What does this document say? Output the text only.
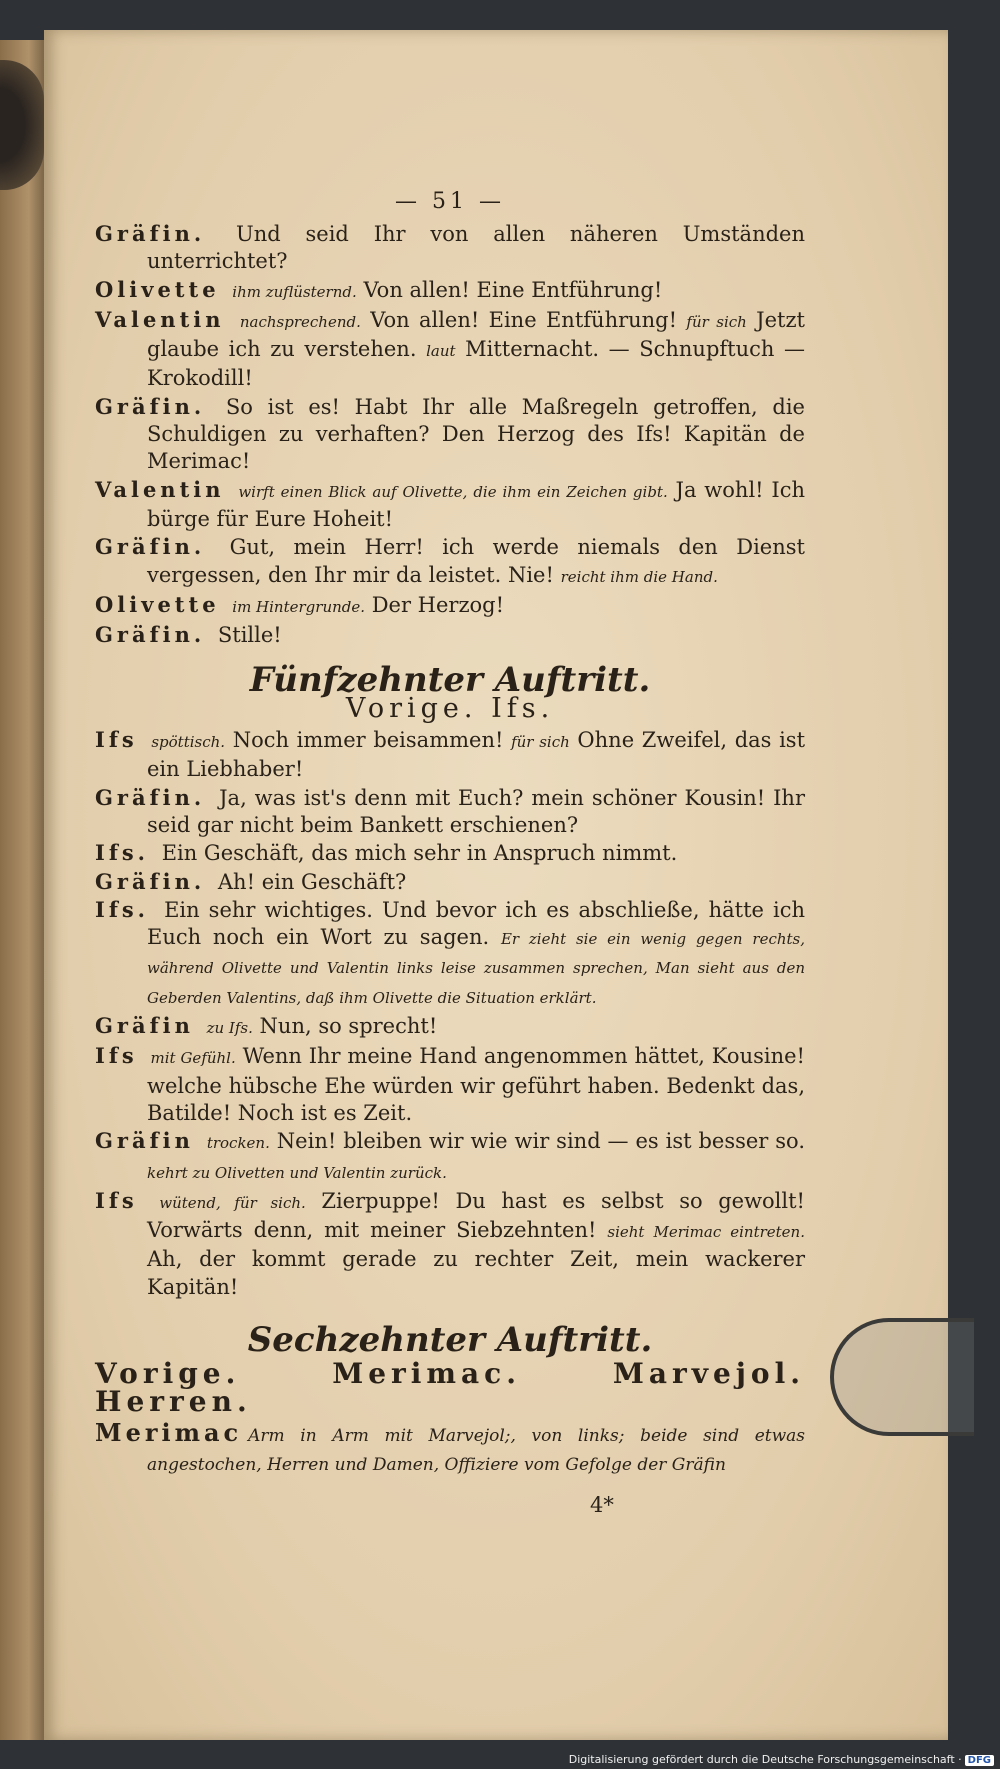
— 51 —

Gräfin. Und seid Ihr von allen näheren Umständen unterrichtet?

Olivette ihm zuflüsternd. Von allen! Eine Entführung!

Valentin nachsprechend. Von allen! Eine Entführung! für sich Jetzt glaube ich zu verstehen. laut Mitternacht. — Schnupftuch — Krokodill!

Gräfin. So ist es! Habt Ihr alle Maßregeln getroffen, die Schuldigen zu verhaften? Den Herzog des Ifs! Kapitän de Merimac!

Valentin wirft einen Blick auf Olivette, die ihm ein Zeichen gibt. Ja wohl! Ich bürge für Eure Hoheit!

Gräfin. Gut, mein Herr! ich werde niemals den Dienst vergessen, den Ihr mir da leistet. Nie! reicht ihm die Hand.

Olivette im Hintergrunde. Der Herzog!

Gräfin. Stille!

Fünfzehnter Auftritt.

Vorige. Ifs.

Ifs spöttisch. Noch immer beisammen! für sich Ohne Zweifel, das ist ein Liebhaber!

Gräfin. Ja, was ist's denn mit Euch? mein schöner Kousin! Ihr seid gar nicht beim Bankett erschienen?

Ifs. Ein Geschäft, das mich sehr in Anspruch nimmt.

Gräfin. Ah! ein Geschäft?

Ifs. Ein sehr wichtiges. Und bevor ich es abschließe, hätte ich Euch noch ein Wort zu sagen. Er zieht sie ein wenig gegen rechts, während Olivette und Valentin links leise zusammen sprechen, Man sieht aus den Geberden Valentins, daß ihm Olivette die Situation erklärt.

Gräfin zu Ifs. Nun, so sprecht!

Ifs mit Gefühl. Wenn Ihr meine Hand angenommen hättet, Kousine! welche hübsche Ehe würden wir geführt haben. Bedenkt das, Batilde! Noch ist es Zeit.

Gräfin trocken. Nein! bleiben wir wie wir sind — es ist besser so. kehrt zu Olivetten und Valentin zurück.

Ifs wütend, für sich. Zierpuppe! Du hast es selbst so gewollt! Vorwärts denn, mit meiner Siebzehnten! sieht Merimac eintreten. Ah, der kommt gerade zu rechter Zeit, mein wackerer Kapitän!

Sechzehnter Auftritt.

Vorige. Merimac. Marvejol. Herren.

Merimac Arm in Arm mit Marvejol;, von links; beide sind etwas angestochen, Herren und Damen, Offiziere vom Gefolge der Gräfin

4*
Digitalisierung gefördert durch die Deutsche Forschungsgemeinschaft · DFG
